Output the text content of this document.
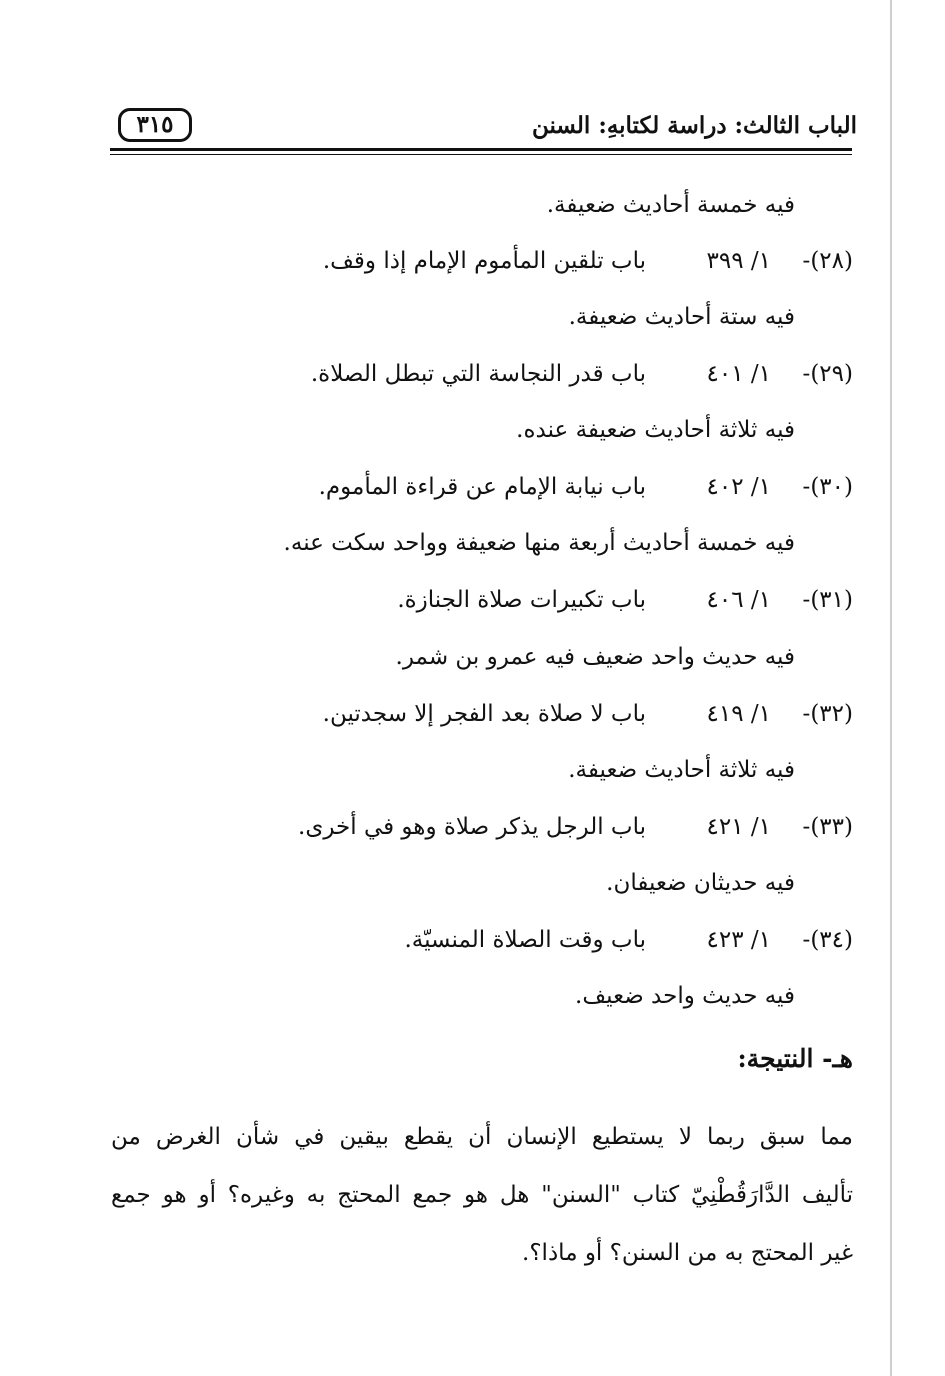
الباب الثالث: دراسة لكتابهِ: السنن
٣١٥
فيه خمسة أحاديث ضعيفة.
(٢٨)-١/ ٣٩٩باب تلقين المأموم الإمام إذا وقف.
فيه ستة أحاديث ضعيفة.
(٢٩)-١/ ٤٠١باب قدر النجاسة التي تبطل الصلاة.
فيه ثلاثة أحاديث ضعيفة عنده.
(٣٠)-١/ ٤٠٢باب نيابة الإمام عن قراءة المأموم.
فيه خمسة أحاديث أربعة منها ضعيفة وواحد سكت عنه.
(٣١)-١/ ٤٠٦باب تكبيرات صلاة الجنازة.
فيه حديث واحد ضعيف فيه عمرو بن شمر.
(٣٢)-١/ ٤١٩باب لا صلاة بعد الفجر إلا سجدتين.
فيه ثلاثة أحاديث ضعيفة.
(٣٣)-١/ ٤٢١باب الرجل يذكر صلاة وهو في أخرى.
فيه حديثان ضعيفان.
(٣٤)-١/ ٤٢٣باب وقت الصلاة المنسيّة.
فيه حديث واحد ضعيف.
هـ- النتيجة:
مما سبق ربما لا يستطيع الإنسان أن يقطع بيقين في شأن الغرض من
تأليف الدَّارَقُطْنِيّ كتاب "السنن" هل هو جمع المحتج به وغيره؟ أو هو جمع
غير المحتج به من السنن؟ أو ماذا؟.
